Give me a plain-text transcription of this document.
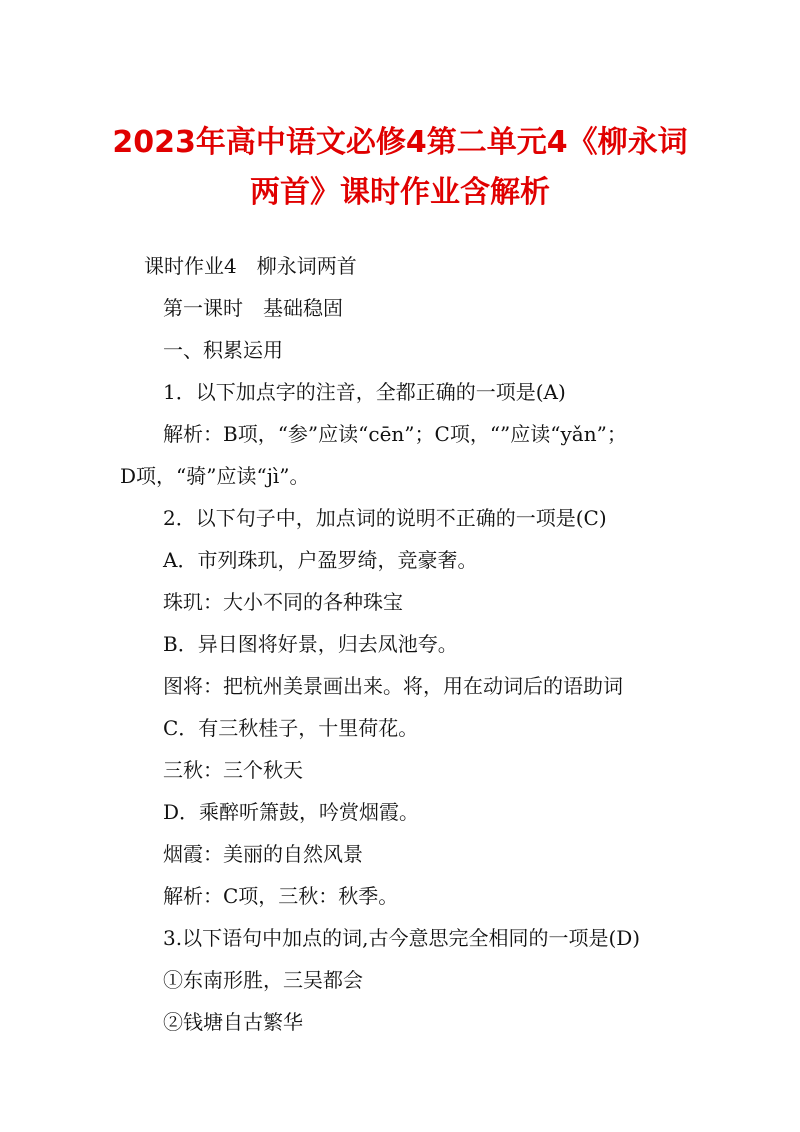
2023年高中语文必修4第二单元4《柳永词
两首》课时作业含解析
课时作业4　柳永词两首
第一课时　基础稳固
一、积累运用
1．以下加点字的注音，全都正确的一项是(A)
解析：B项，“参”应读“cēn”；C项，“”应读“yǎn”；
D项，“骑”应读“jì”。
2．以下句子中，加点词的说明不正确的一项是(C)
A．市列珠玑，户盈罗绮，竞豪奢。
珠玑：大小不同的各种珠宝
B．异日图将好景，归去凤池夸。
图将：把杭州美景画出来。将，用在动词后的语助词
C．有三秋桂子，十里荷花。
三秋：三个秋天
D．乘醉听箫鼓，吟赏烟霞。
烟霞：美丽的自然风景
解析：C项，三秋：秋季。
3.以下语句中加点的词,古今意思完全相同的一项是(D)
①东南形胜，三吴都会
②钱塘自古繁华
